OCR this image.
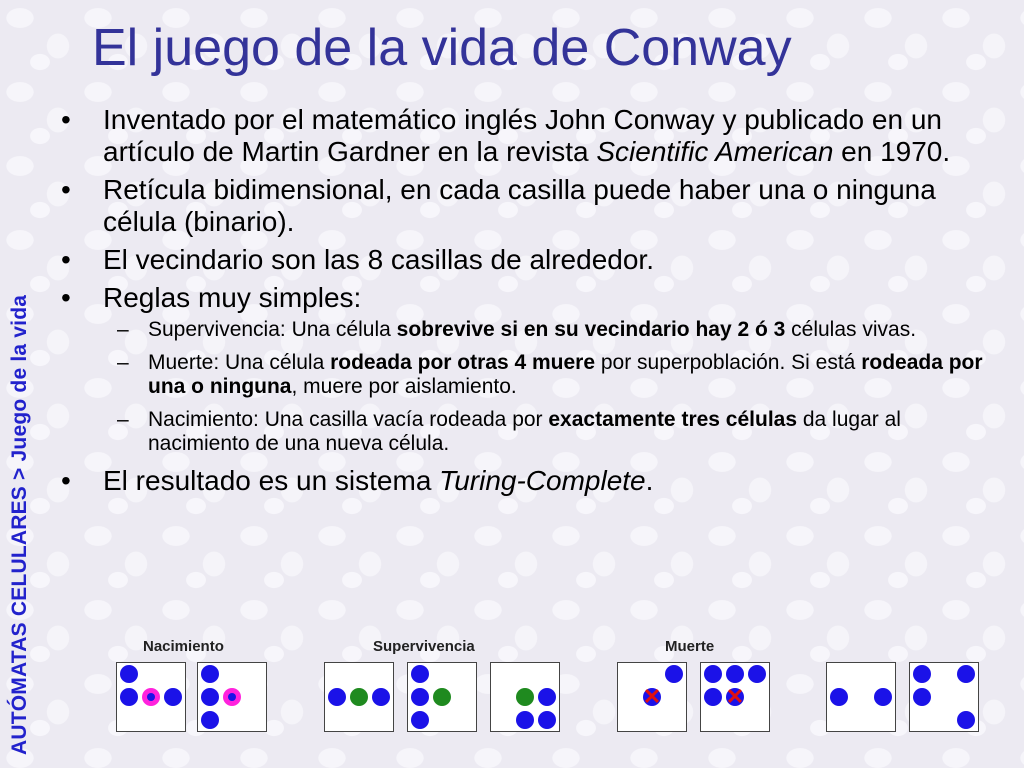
AUTÓMATAS CELULARES > Juego de la vida
El juego de la vida de Conway
• Inventado por el matemático inglés John Conway y publicado en un artículo de Martin Gardner en la revista Scientific American en 1970.
• Retícula bidimensional, en cada casilla puede haber una o ninguna célula (binario).
• El vecindario son las 8 casillas de alrededor.
• Reglas muy simples:
– Supervivencia: Una célula sobrevive si en su vecindario hay 2 ó 3 células vivas.
– Muerte: Una célula rodeada por otras 4 muere por superpoblación. Si está rodeada por una o ninguna, muere por aislamiento.
– Nacimiento: Una casilla vacía rodeada por exactamente tres células da lugar al nacimiento de una nueva célula.
• El resultado es un sistema Turing-Complete.
Nacimiento	Supervivencia	Muerte
✕	✕
